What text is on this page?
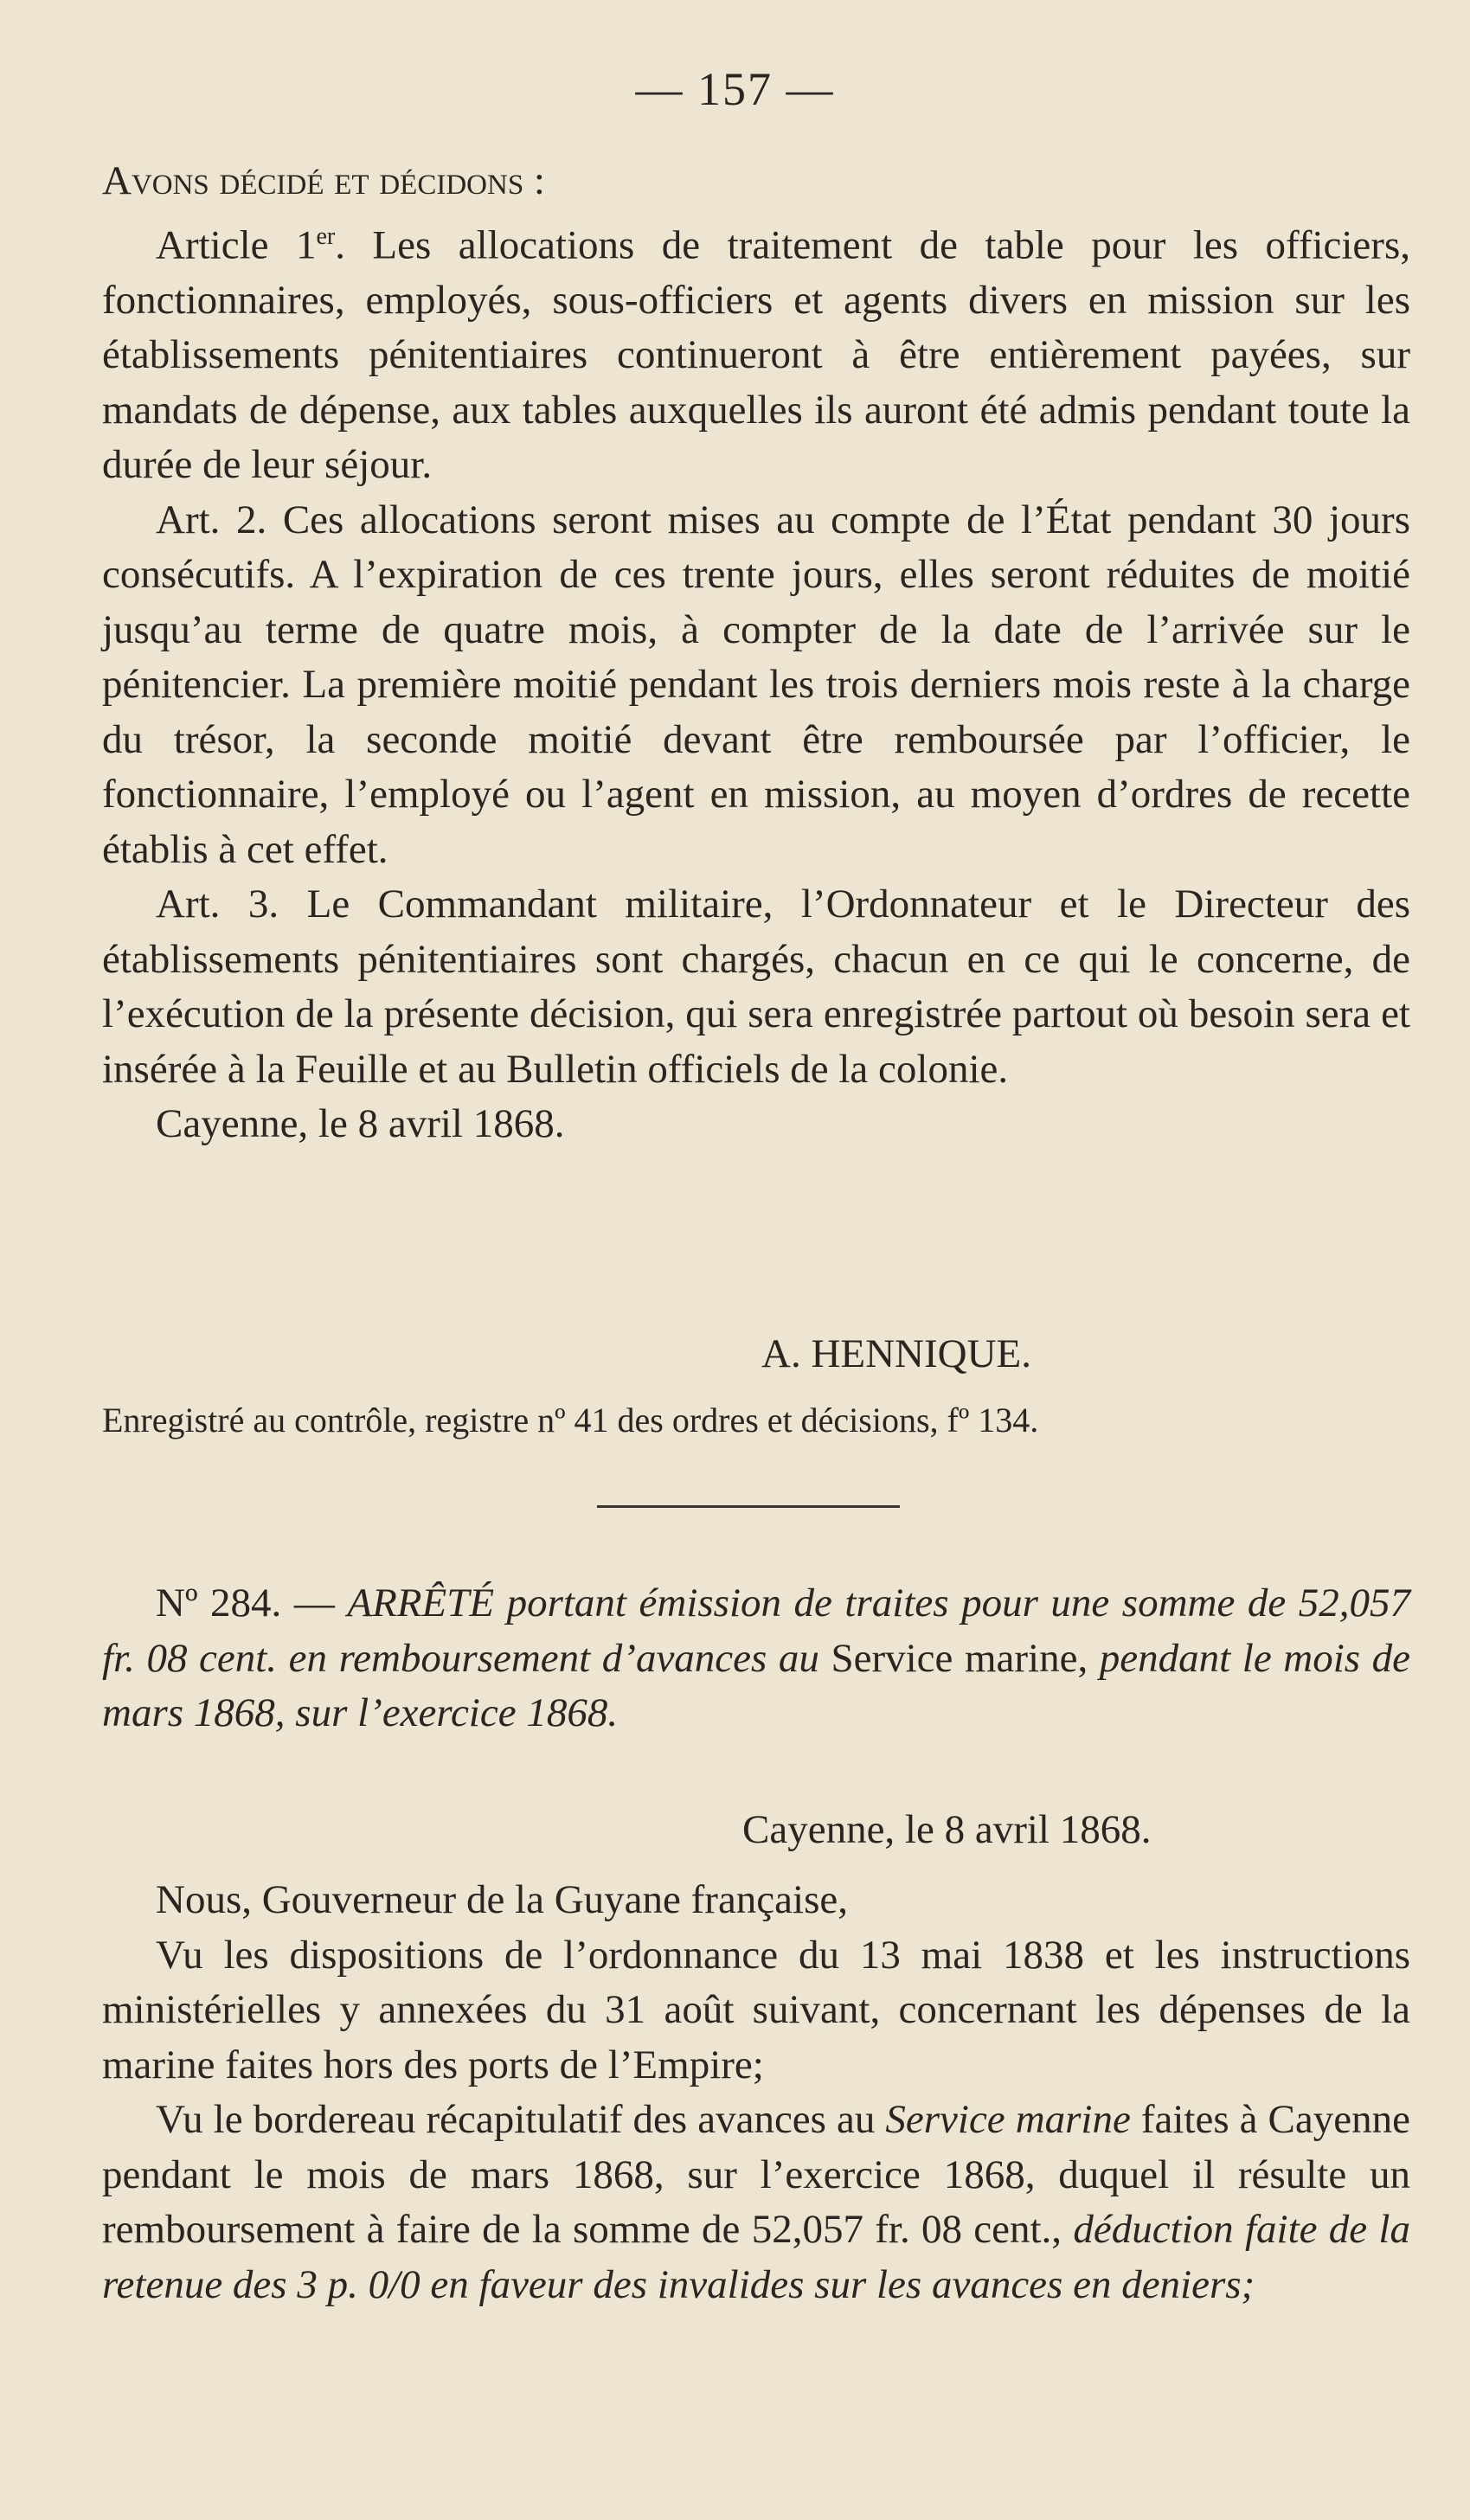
— 157 —

Avons décidé et décidons :

Article 1er. Les allocations de traitement de table pour les officiers, fonctionnaires, employés, sous-officiers et agents divers en mission sur les établissements pénitentiaires continueront à être entièrement payées, sur mandats de dépense, aux tables auxquelles ils auront été admis pendant toute la durée de leur séjour.

Art. 2. Ces allocations seront mises au compte de l’État pendant 30 jours consécutifs. A l’expiration de ces trente jours, elles seront réduites de moitié jusqu’au terme de quatre mois, à compter de la date de l’arrivée sur le pénitencier. La première moitié pendant les trois derniers mois reste à la charge du trésor, la seconde moitié devant être remboursée par l’officier, le fonctionnaire, l’employé ou l’agent en mission, au moyen d’ordres de recette établis à cet effet.

Art. 3. Le Commandant militaire, l’Ordonnateur et le Directeur des établissements pénitentiaires sont chargés, chacun en ce qui le concerne, de l’exécution de la présente décision, qui sera enregistrée partout où besoin sera et insérée à la Feuille et au Bulletin officiels de la colonie.

Cayenne, le 8 avril 1868.

A. HENNIQUE.
Enregistré au contrôle, registre nº 41 des ordres et décisions, fº 134.

Nº 284. — ARRÊTÉ portant émission de traites pour une somme de 52,057 fr. 08 cent. en remboursement d’avances au Service marine, pendant le mois de mars 1868, sur l’exercice 1868.

Cayenne, le 8 avril 1868.

Nous, Gouverneur de la Guyane française,

Vu les dispositions de l’ordonnance du 13 mai 1838 et les instructions ministérielles y annexées du 31 août suivant, concernant les dépenses de la marine faites hors des ports de l’Empire;

Vu le bordereau récapitulatif des avances au Service marine faites à Cayenne pendant le mois de mars 1868, sur l’exercice 1868, duquel il résulte un remboursement à faire de la somme de 52,057 fr. 08 cent., déduction faite de la retenue des 3 p. 0/0 en faveur des invalides sur les avances en deniers;
